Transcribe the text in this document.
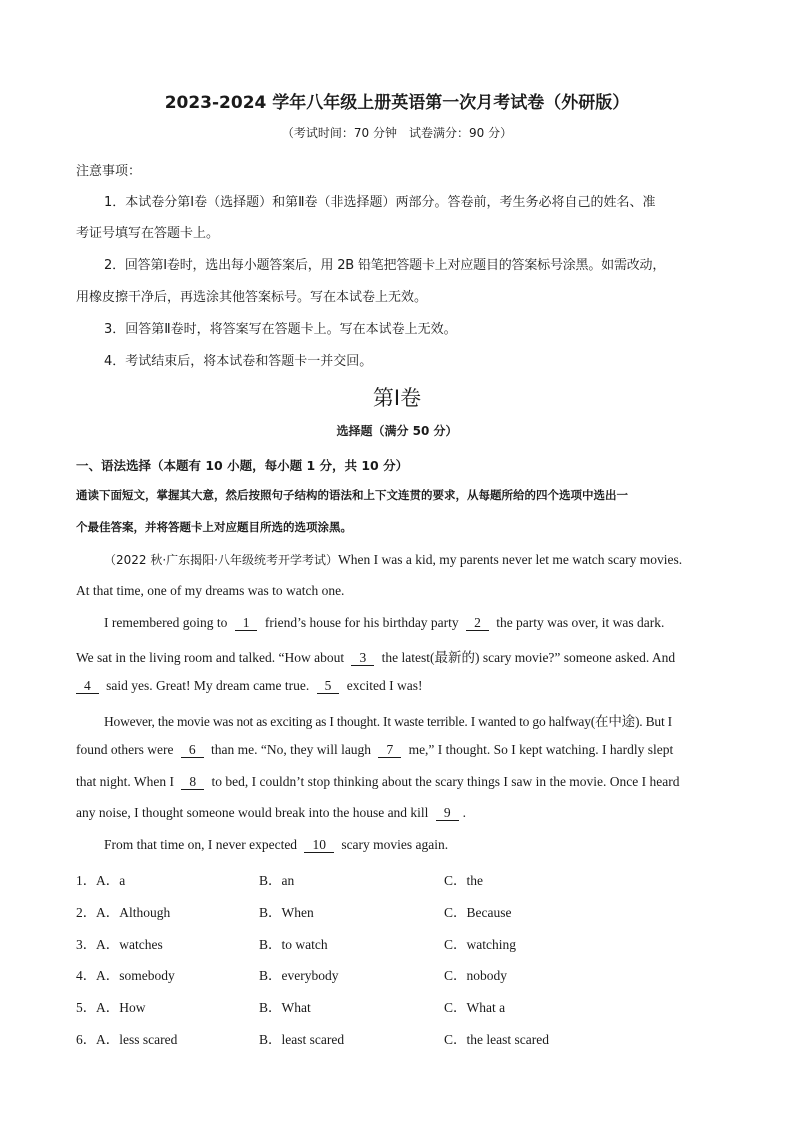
2023-2024 学年八年级上册英语第一次月考试卷（外研版）
（考试时间：70 分钟　试卷满分：90 分）
注意事项：
1．本试卷分第Ⅰ卷（选择题）和第Ⅱ卷（非选择题）两部分。答卷前，考生务必将自己的姓名、准
考证号填写在答题卡上。
2．回答第Ⅰ卷时，选出每小题答案后，用 2B 铅笔把答题卡上对应题目的答案标号涂黑。如需改动，
用橡皮擦干净后，再选涂其他答案标号。写在本试卷上无效。
3．回答第Ⅱ卷时，将答案写在答题卡上。写在本试卷上无效。
4．考试结束后，将本试卷和答题卡一并交回。
第Ⅰ卷
选择题（满分 50 分）
一、语法选择（本题有 10 小题，每小题 1 分，共 10 分）
通读下面短文，掌握其大意，然后按照句子结构的语法和上下文连贯的要求，从每题所给的四个选项中选出一
个最佳答案，并将答题卡上对应题目所选的选项涂黑。
（2022 秋·广东揭阳·八年级统考开学考试）When I was a kid, my parents never let me watch scary movies.
At that time, one of my dreams was to watch one.
I remembered going to 1 friend’s house for his birthday party 2 the party was over, it was dark.
We sat in the living room and talked. “How about 3 the latest(最新的) scary movie?” someone asked. And
4 said yes. Great! My dream came true. 5 excited I was!
However, the movie was not as exciting as I thought. It waste terrible. I wanted to go halfway(在中途). But I
found others were 6 than me. “No, they will laugh 7 me,” I thought. So I kept watching. I hardly slept
that night. When I 8 to bed, I couldn’t stop thinking about the scary things I saw in the movie. Once I heard
any noise, I thought someone would break into the house and kill 9 .
From that time on, I never expected 10 scary movies again.
1． A．a	B．an	C．the
2． A．Although	B．When	C．Because
3． A．watches	B．to watch	C．watching
4． A．somebody	B．everybody	C．nobody
5． A．How	B．What	C．What a
6． A．less scared	B．least scared	C．the least scared
